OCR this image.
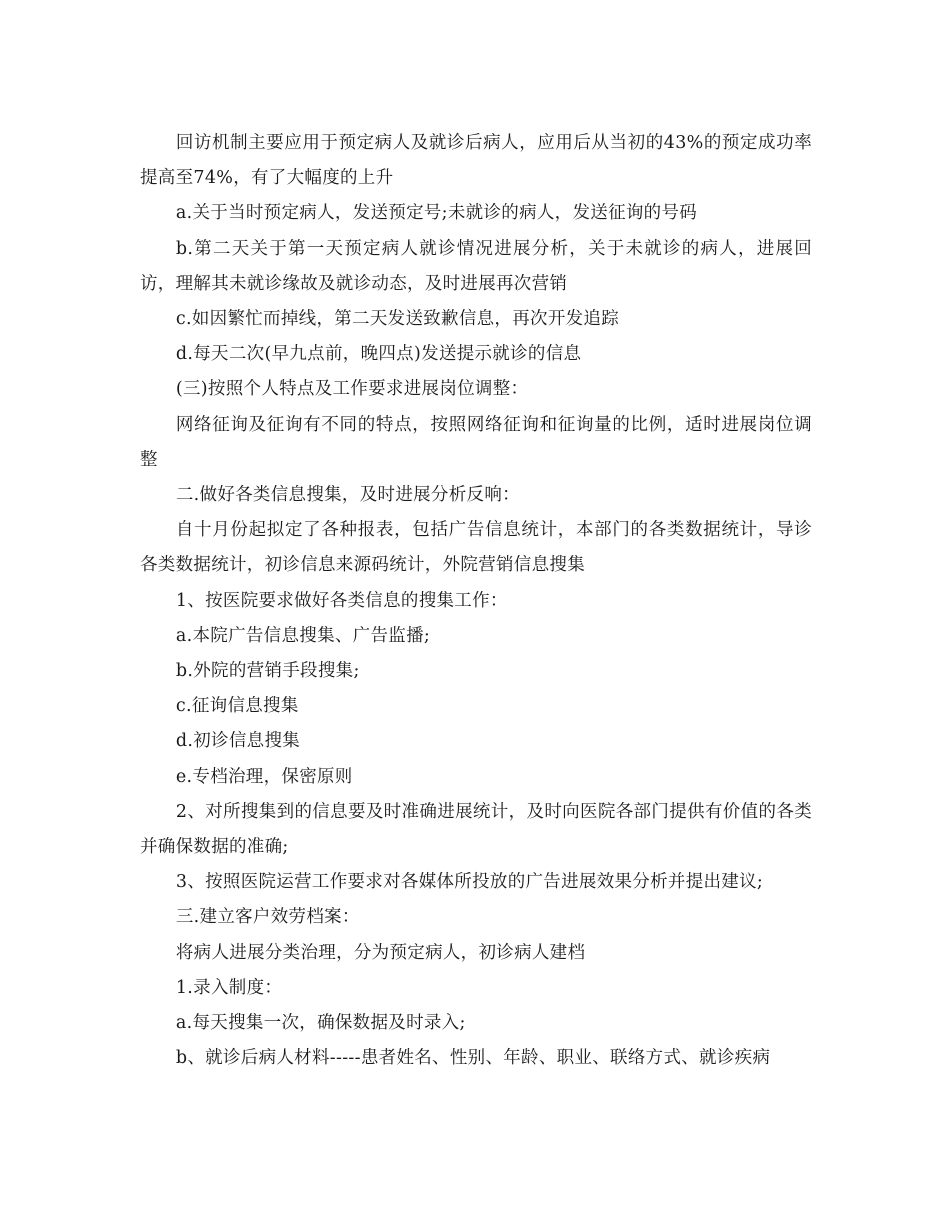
回访机制主要应用于预定病人及就诊后病人，应用后从当初的43%的预定成功率提高至74%，有了大幅度的上升

a.关于当时预定病人，发送预定号;未就诊的病人，发送征询的号码

b.第二天关于第一天预定病人就诊情况进展分析，关于未就诊的病人，进展回访，理解其未就诊缘故及就诊动态，及时进展再次营销

c.如因繁忙而掉线，第二天发送致歉信息，再次开发追踪

d.每天二次(早九点前，晚四点)发送提示就诊的信息

(三)按照个人特点及工作要求进展岗位调整：

网络征询及征询有不同的特点，按照网络征询和征询量的比例，适时进展岗位调整

二.做好各类信息搜集，及时进展分析反响：

自十月份起拟定了各种报表，包括广告信息统计，本部门的各类数据统计，导诊各类数据统计，初诊信息来源码统计，外院营销信息搜集

1、按医院要求做好各类信息的搜集工作：

a.本院广告信息搜集、广告监播;

b.外院的营销手段搜集;

c.征询信息搜集

d.初诊信息搜集

e.专档治理，保密原则

2、对所搜集到的信息要及时准确进展统计，及时向医院各部门提供有价值的各类并确保数据的准确;

3、按照医院运营工作要求对各媒体所投放的广告进展效果分析并提出建议;

三.建立客户效劳档案：

将病人进展分类治理，分为预定病人，初诊病人建档

1.录入制度：

a.每天搜集一次，确保数据及时录入;

b、就诊后病人材料-----患者姓名、性别、年龄、职业、联络方式、就诊疾病
